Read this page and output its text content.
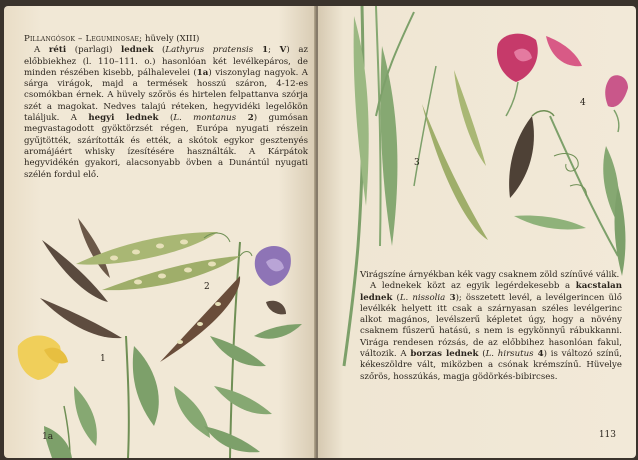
Pillangósok – Leguminosae; hüvely (XIII)

A réti (parlagi) lednek (Lathyrus pratensis 1; V) az előbbiekhez (l. 110–111. o.) hasonlóan két levélkepáros, de minden részében kisebb, pálhalevelei (1a) viszonylag nagyok. A sárga virágok, majd a termések hosszú száron, 4-12-es csomókban érnek. A hüvely szőrös és hirtelen felpattanva szórja szét a magokat. Nedves talajú réteken, hegyvidéki legelőkön találjuk. A hegyi lednek (L. montanus 2) gumósan megvastagodott gyöktörzsét régen, Európa nyugati részein gyűjtötték, szárították és ették, a skótok egykor gesztenyés aromájáért whisky ízesítésére használták. A Kárpátok hegyvidékén gyakori, alacsonyabb övben a Dunántúl nyugati szélén fordul elő.

1
1a
2
3
4

Virágszíne árnyékban kék vagy csaknem zöld színűvé válik.

A lednekek közt az egyik legérdekesebb a kacstalan lednek (L. nissolia 3); összetett levél, a levélgerincen ülő levélkék helyett itt csak a szárnyasan széles levélgerinc alkot magános, levélszerű képletet úgy, hogy a növény csaknem fűszerű hatású, s nem is egykönnyű rábukkanni. Virága rendesen rózsás, de az előbbihez hasonlóan fakul, változik. A borzas lednek (L. hirsutus 4) is változó színű, kékeszöldre vált, miközben a csónak krémszínű. Hüvelye szőrös, hosszúkás, magja gödörkés-bibircses.

113
